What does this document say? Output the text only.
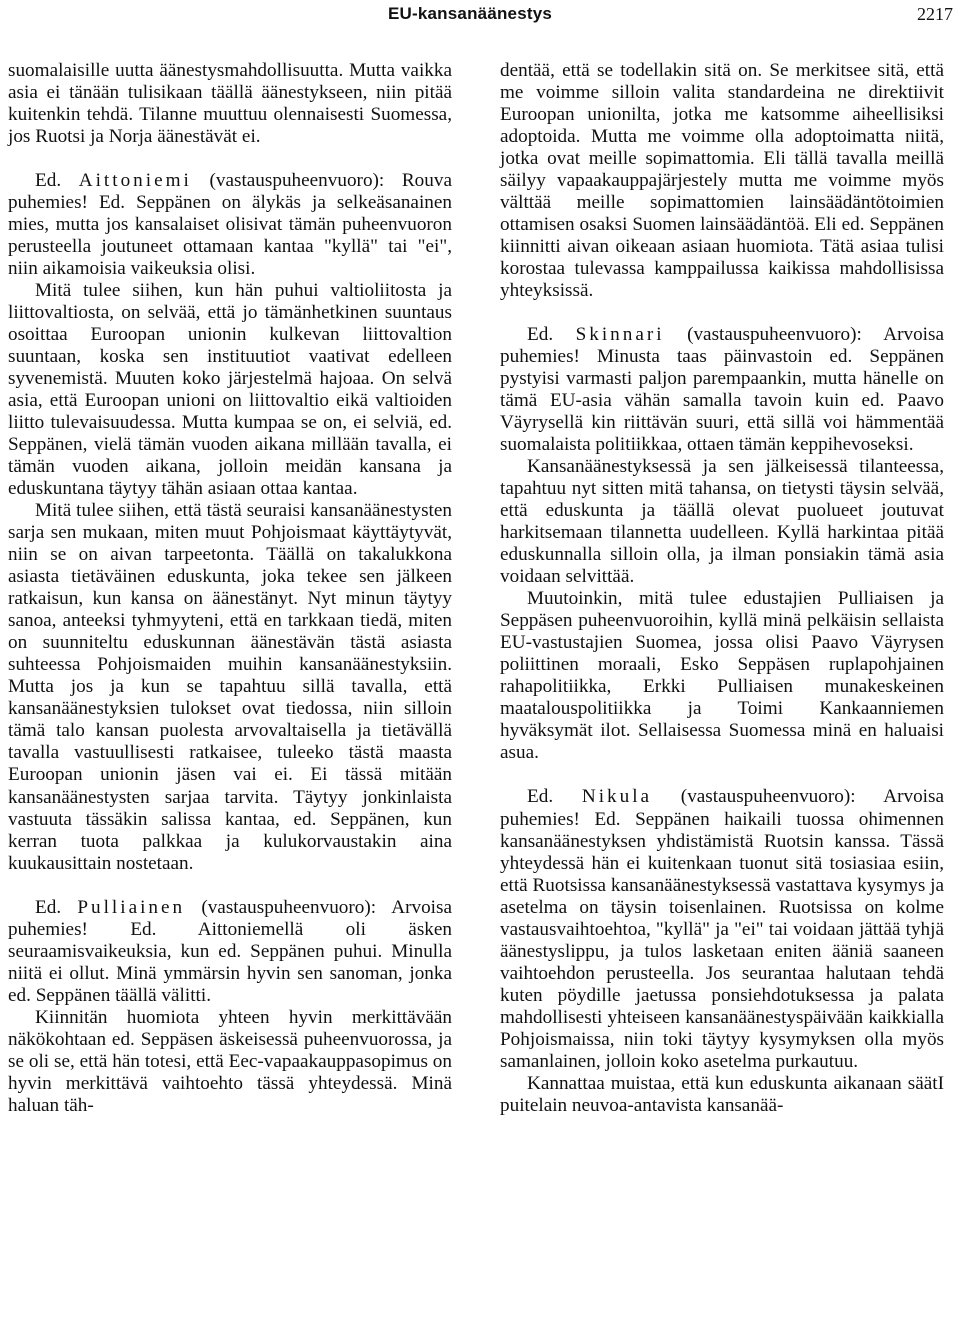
EU-kansanäänestys	2217

suomalaisille uutta äänestysmahdollisuutta. Mutta vaikka asia ei tänään tulisikaan täällä äänestykseen, niin pitää kuitenkin tehdä. Tilanne muuttuu olennaisesti Suomessa, jos Ruotsi ja Norja äänestävät ei.

Ed. Aittoniemi (vastauspuheenvuoro): Rouva puhemies! Ed. Seppänen on älykäs ja selkeäsanainen mies, mutta jos kansalaiset olisivat tämän puheenvuoron perusteella joutuneet ottamaan kantaa "kyllä" tai "ei", niin aikamoisia vaikeuksia olisi.

Mitä tulee siihen, kun hän puhui valtioliitosta ja liittovaltiosta, on selvää, että jo tämänhetkinen suuntaus osoittaa Euroopan unionin kulkevan liittovaltion suuntaan, koska sen instituutiot vaativat edelleen syvenemistä. Muuten koko järjestelmä hajoaa. On selvä asia, että Euroopan unioni on liittovaltio eikä valtioiden liitto tulevaisuudessa. Mutta kumpaa se on, ei selviä, ed. Seppänen, vielä tämän vuoden aikana millään tavalla, ei tämän vuoden aikana, jolloin meidän kansana ja eduskuntana täytyy tähän asiaan ottaa kantaa.

Mitä tulee siihen, että tästä seuraisi kansanäänestysten sarja sen mukaan, miten muut Pohjoismaat käyttäytyvät, niin se on aivan tarpeetonta. Täällä on takalukkona asiasta tietäväinen eduskunta, joka tekee sen jälkeen ratkaisun, kun kansa on äänestänyt. Nyt minun täytyy sanoa, anteeksi tyhmyyteni, että en tarkkaan tiedä, miten on suunniteltu eduskunnan äänestävän tästä asiasta suhteessa Pohjoismaiden muihin kansanäänestyksiin. Mutta jos ja kun se tapahtuu sillä tavalla, että kansanäänestyksien tulokset ovat tiedossa, niin silloin tämä talo kansan puolesta arvovaltaisella ja tietävällä tavalla vastuullisesti ratkaisee, tuleeko tästä maasta Euroopan unionin jäsen vai ei. Ei tässä mitään kansanäänestysten sarjaa tarvita. Täytyy jonkinlaista vastuuta tässäkin salissa kantaa, ed. Seppänen, kun kerran tuota palkkaa ja kulukorvaustakin aina kuukausittain nostetaan.

Ed. Pulliainen (vastauspuheenvuoro): Arvoisa puhemies! Ed. Aittoniemellä oli äsken seuraamisvaikeuksia, kun ed. Seppänen puhui. Minulla niitä ei ollut. Minä ymmärsin hyvin sen sanoman, jonka ed. Seppänen täällä välitti.

Kiinnitän huomiota yhteen hyvin merkittävään näkökohtaan ed. Seppäsen äskeisessä puheenvuorossa, ja se oli se, että hän totesi, että Eec-vapaakauppasopimus on hyvin merkittävä vaihtoehto tässä yhteydessä. Minä haluan täh-

dentää, että se todellakin sitä on. Se merkitsee sitä, että me voimme silloin valita standardeina ne direktiivit Euroopan unionilta, jotka me katsomme aiheellisiksi adoptoida. Mutta me voimme olla adoptoimatta niitä, jotka ovat meille sopimattomia. Eli tällä tavalla meillä säilyy vapaakauppajärjestely mutta me voimme myös välttää meille sopimattomien lainsäädäntötoimien ottamisen osaksi Suomen lainsäädäntöä. Eli ed. Seppänen kiinnitti aivan oikeaan asiaan huomiota. Tätä asiaa tulisi korostaa tulevassa kamppailussa kaikissa mahdollisissa yhteyksissä.

Ed. Skinnari (vastauspuheenvuoro): Arvoisa puhemies! Minusta taas päinvastoin ed. Seppänen pystyisi varmasti paljon parempaankin, mutta hänelle on tämä EU-asia vähän samalla tavoin kuin ed. Paavo Väyrysellä kin riittävän suuri, että sillä voi hämmentää suomalaista politiikkaa, ottaen tämän keppihevoseksi.

Kansanäänestyksessä ja sen jälkeisessä tilanteessa, tapahtuu nyt sitten mitä tahansa, on tietysti täysin selvää, että eduskunta ja täällä olevat puolueet joutuvat harkitsemaan tilannetta uudelleen. Kyllä harkintaa pitää eduskunnalla silloin olla, ja ilman ponsiakin tämä asia voidaan selvittää.

Muutoinkin, mitä tulee edustajien Pulliaisen ja Seppäsen puheenvuoroihin, kyllä minä pelkäisin sellaista EU-vastustajien Suomea, jossa olisi Paavo Väyrysen poliittinen moraali, Esko Seppäsen ruplapohjainen rahapolitiikka, Erkki Pulliaisen munakeskeinen maatalouspolitiikka ja Toimi Kankaanniemen hyväksymät ilot. Sellaisessa Suomessa minä en haluaisi asua.

Ed. Nikula (vastauspuheenvuoro): Arvoisa puhemies! Ed. Seppänen haikaili tuossa ohimennen kansanäänestyksen yhdistämistä Ruotsin kanssa. Tässä yhteydessä hän ei kuitenkaan tuonut sitä tosiasiaa esiin, että Ruotsissa kansanäänestyksessä vastattava kysymys ja asetelma on täysin toisenlainen. Ruotsissa on kolme vastausvaihtoehtoa, "kyllä" ja "ei" tai voidaan jättää tyhjä äänestyslippu, ja tulos lasketaan eniten ääniä saaneen vaihtoehdon perusteella. Jos seurantaa halutaan tehdä kuten pöydille jaetussa ponsiehdotuksessa ja palata mahdollisesti yhteiseen kansanäänestyspäivään kaikkialla Pohjoismaissa, niin toki täytyy kysymyksen olla myös samanlainen, jolloin koko asetelma purkautuu.

Kannattaa muistaa, että kun eduskunta aikanaan säätI puitelain neuvoa-antavista kansanää-
